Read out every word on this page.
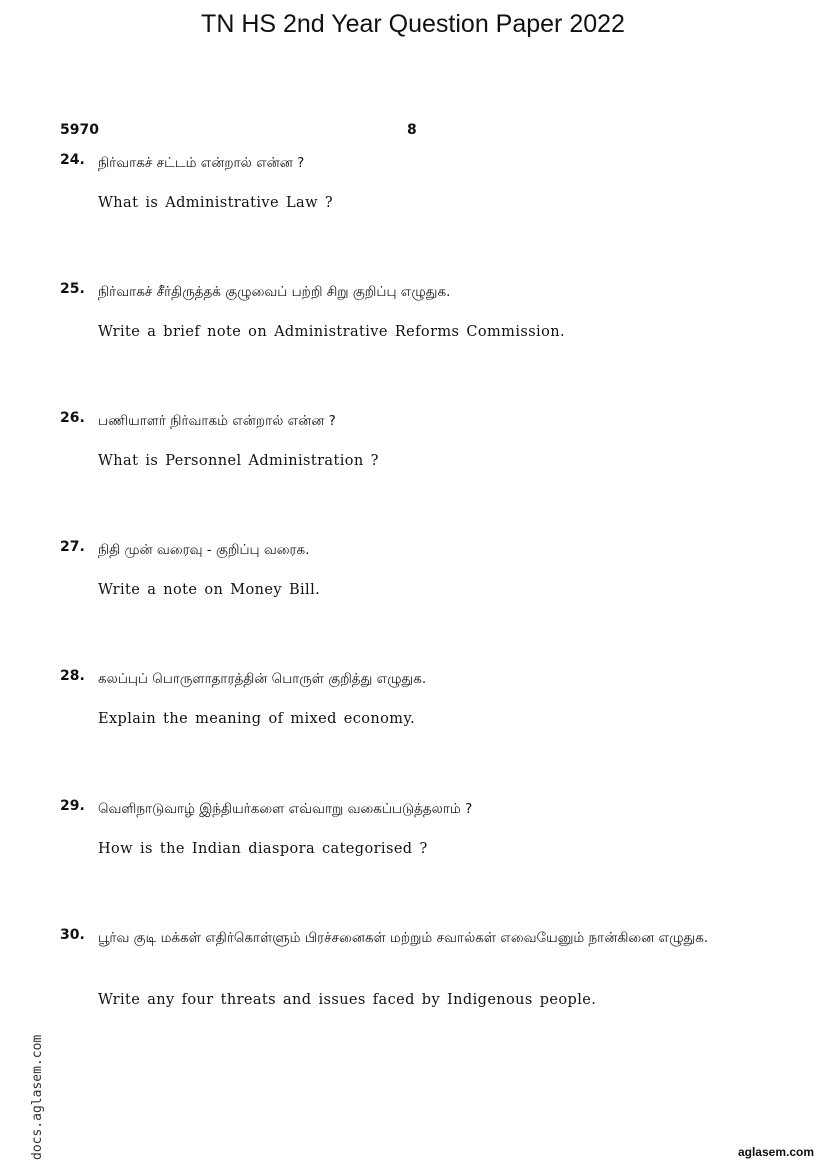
TN HS 2nd Year Question Paper 2022
5970	8
24. நிர்வாகச் சட்டம் என்றால் என்ன ?
What is Administrative Law ?
25. நிர்வாகச் சீர்திருத்தக் குழுவைப் பற்றி சிறு குறிப்பு எழுதுக.
Write a brief note on Administrative Reforms Commission.
26. பணியாளர் நிர்வாகம் என்றால் என்ன ?
What is Personnel Administration ?
27. நிதி முன் வரைவு - குறிப்பு வரைக.
Write a note on Money Bill.
28. கலப்புப் பொருளாதாரத்தின் பொருள் குறித்து எழுதுக.
Explain the meaning of mixed economy.
29. வெளிநாடுவாழ் இந்தியர்களை எவ்வாறு வகைப்படுத்தலாம் ?
How is the Indian diaspora categorised ?
30. பூர்வ குடி மக்கள் எதிர்கொள்ளும் பிரச்சனைகள் மற்றும் சவால்கள் எவையேனும் நான்கினை எழுதுக.
Write any four threats and issues faced by Indigenous people.
docs.aglasem.com	aglasem.com
